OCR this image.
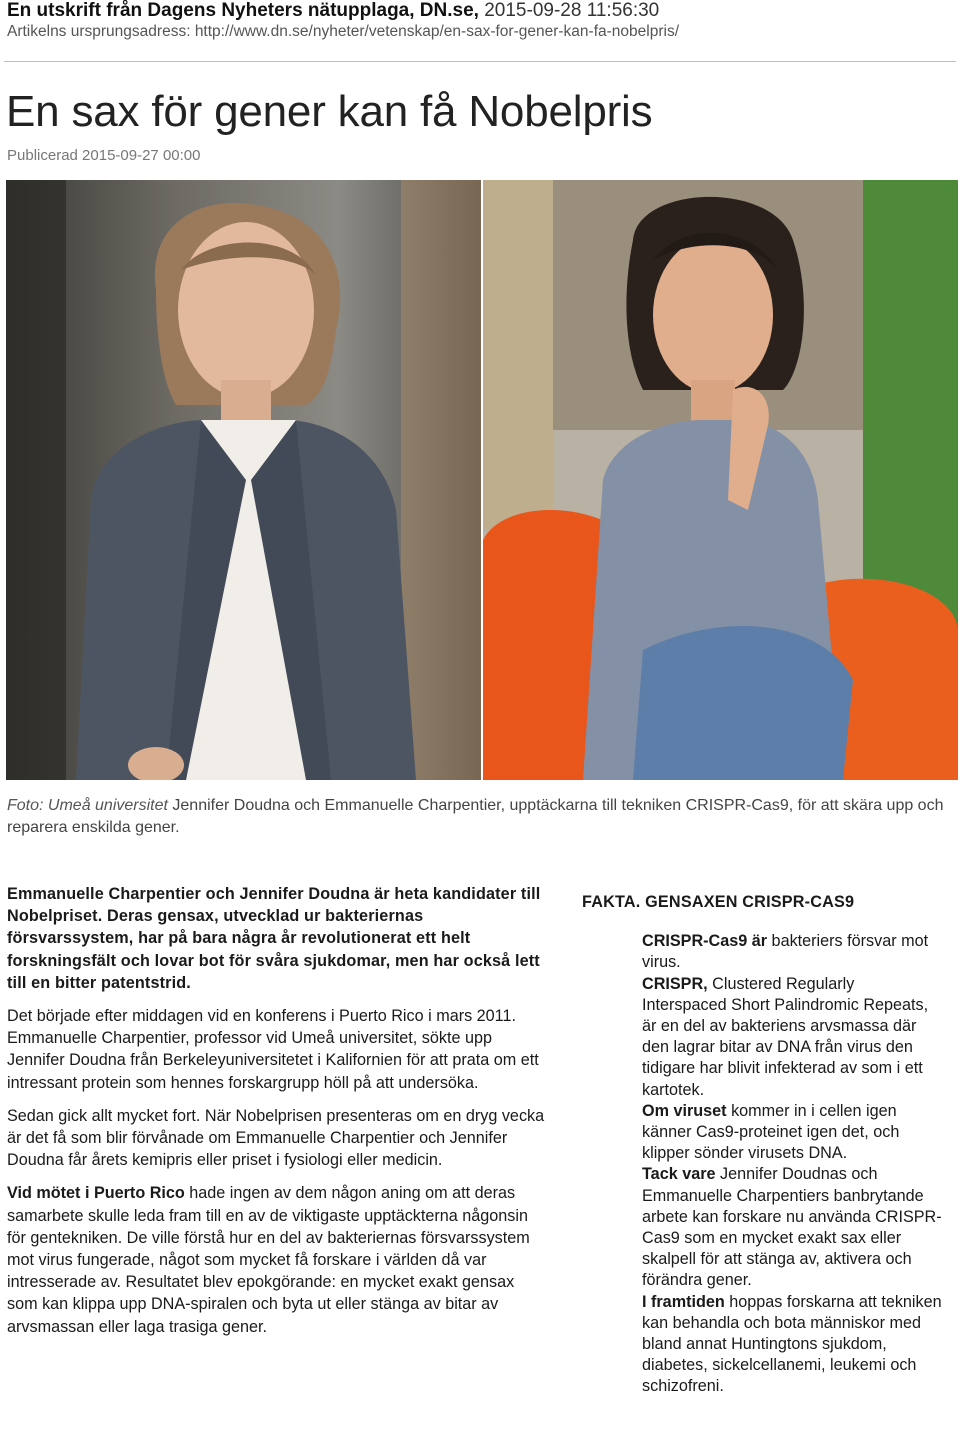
En utskrift från Dagens Nyheters nätupplaga, DN.se, 2015-09-28 11:56:30
Artikelns ursprungsadress: http://www.dn.se/nyheter/vetenskap/en-sax-for-gener-kan-fa-nobelpris/
En sax för gener kan få Nobelpris
Publicerad 2015-09-27 00:00
Foto: Umeå universitet Jennifer Doudna och Emmanuelle Charpentier, upptäckarna till tekniken CRISPR-Cas9, för att skära upp och reparera enskilda gener.

Emmanuelle Charpentier och Jennifer Doudna är heta kandidater till Nobelpriset. Deras gensax, utvecklad ur bakteriernas försvarssystem, har på bara några år revolutionerat ett helt forskningsfält och lovar bot för svåra sjukdomar, men har också lett till en bitter patentstrid.

Det började efter middagen vid en konferens i Puerto Rico i mars 2011. Emmanuelle Charpentier, professor vid Umeå universitet, sökte upp Jennifer Doudna från Berkeleyuniversitetet i Kalifornien för att prata om ett intressant protein som hennes forskargrupp höll på att undersöka.

Sedan gick allt mycket fort. När Nobelprisen presenteras om en dryg vecka är det få som blir förvånade om Emmanuelle Charpentier och Jennifer Doudna får årets kemipris eller priset i fysiologi eller medicin.

Vid mötet i Puerto Rico hade ingen av dem någon aning om att deras samarbete skulle leda fram till en av de viktigaste upptäckterna någonsin för gentekniken. De ville förstå hur en del av bakteriernas försvarssystem mot virus fungerade, något som mycket få forskare i världen då var intresserade av. Resultatet blev epokgörande: en mycket exakt gensax som kan klippa upp DNA-spiralen och byta ut eller stänga av bitar av arvsmassan eller laga trasiga gener.

FAKTA. GENSAXEN CRISPR-CAS9

CRISPR-Cas9 är bakteriers försvar mot virus.

CRISPR, Clustered Regularly Interspaced Short Palindromic Repeats, är en del av bakteriens arvsmassa där den lagrar bitar av DNA från virus den tidigare har blivit infekterad av som i ett kartotek.

Om viruset kommer in i cellen igen känner Cas9-proteinet igen det, och klipper sönder virusets DNA.

Tack vare Jennifer Doudnas och Emmanuelle Charpentiers banbrytande arbete kan forskare nu använda CRISPR-Cas9 som en mycket exakt sax eller skalpell för att stänga av, aktivera och förändra gener.

I framtiden hoppas forskarna att tekniken kan behandla och bota människor med bland annat Huntingtons sjukdom, diabetes, sickelcellanemi, leukemi och schizofreni.
